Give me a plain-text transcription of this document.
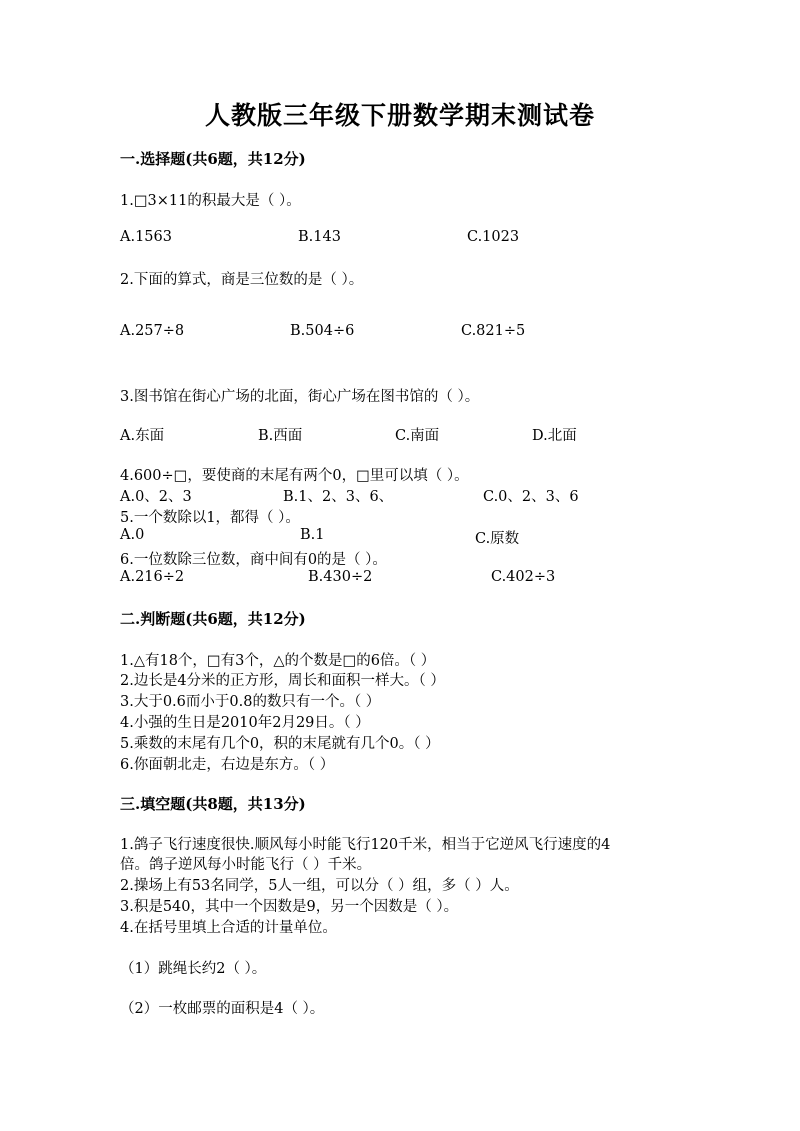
人教版三年级下册数学期末测试卷
一.选择题(共6题，共12分)
1.□3×11的积最大是（ ）。
A.1563	B.143	C.1023
2.下面的算式，商是三位数的是（ ）。
A.257÷8	B.504÷6	C.821÷5
3.图书馆在街心广场的北面，街心广场在图书馆的（ ）。
A.东面	B.西面	C.南面	D.北面
4.600÷□，要使商的末尾有两个0，□里可以填（ ）。
A.0、2、3	B.1、2、3、6、	C.0、2、3、6
5.一个数除以1，都得（ ）。
A.0	B.1	C.原数
6.一位数除三位数，商中间有0的是（ ）。
A.216÷2	B.430÷2	C.402÷3
二.判断题(共6题，共12分)
1.△有18个，□有3个，△的个数是□的6倍。（ ）
2.边长是4分米的正方形，周长和面积一样大。（ ）
3.大于0.6而小于0.8的数只有一个。（ ）
4.小强的生日是2010年2月29日。（ ）
5.乘数的末尾有几个0，积的末尾就有几个0。（ ）
6.你面朝北走，右边是东方。（ ）
三.填空题(共8题，共13分)
1.鸽子飞行速度很快.顺风每小时能飞行120千米，相当于它逆风飞行速度的4
倍。鸽子逆风每小时能飞行（ ）千米。
2.操场上有53名同学，5人一组，可以分（ ）组，多（ ）人。
3.积是540，其中一个因数是9，另一个因数是（ ）。
4.在括号里填上合适的计量单位。
（1）跳绳长约2（ ）。
（2）一枚邮票的面积是4（ ）。
